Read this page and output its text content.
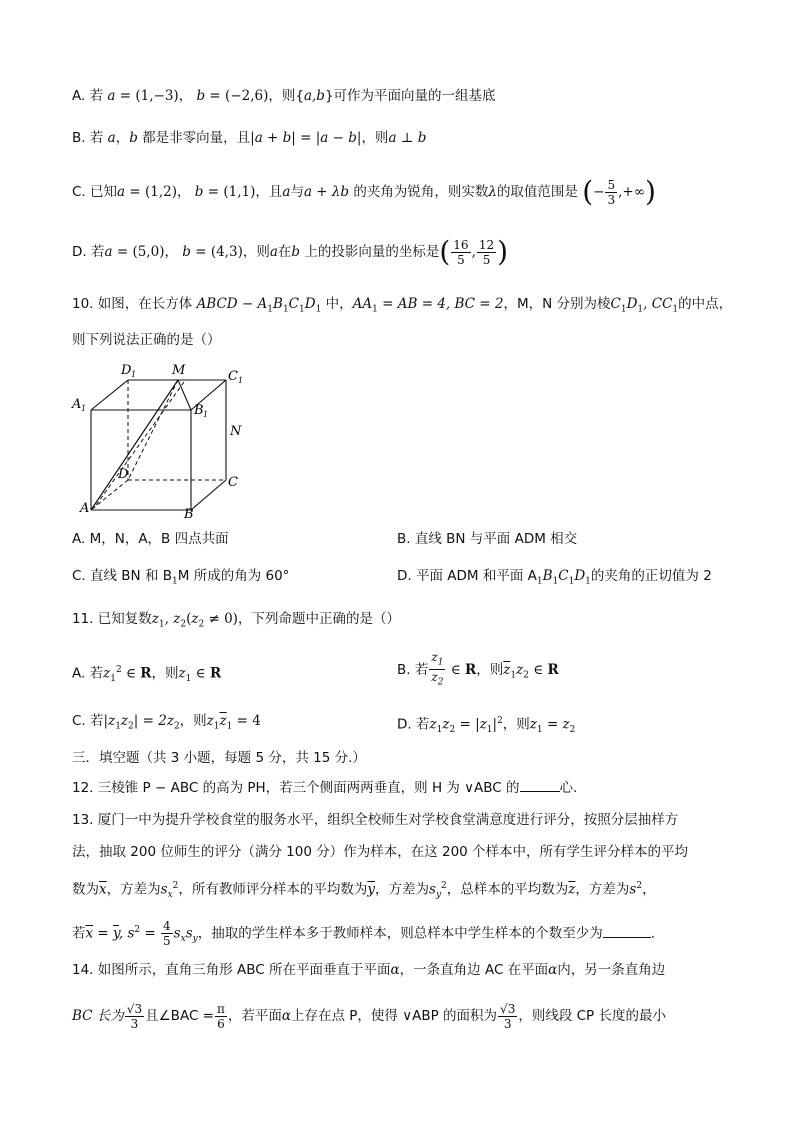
A. 若 a = (1,−3)， b = (−2,6)，则{a,b}可作为平面向量的一组基底
B. 若 a，b 都是非零向量，且|a + b| = |a − b|，则a ⊥ b
C. 已知a = (1,2)， b = (1,1)，且a与a + λb 的夹角为锐角，则实数λ的取值范围是 (− $\frac{5}{3}$ ,+∞)
D. 若a = (5,0)， b = (4,3)，则a在b 上的投影向量的坐标是( $\frac{16}{5}$ , $\frac{12}{5}$ )
10. 如图，在长方体 ABCD − $A_1B_1C_1D_1$ 中，$AA_1$ = AB = 4, BC = 2，M，N 分别为棱$C_1D_1$, $CC_1$的中点，
则下列说法正确的是（）
D 1	M	C 1
A 1	B 1
N
D
C
A	B
A. M，N，A，B 四点共面	B. 直线 BN 与平面 ADM 相交
C. 直线 BN 和 $B_1M$ 所成的角为 60°	D. 平面 ADM 和平面 $A_1B_1C_1D_1$的夹角的正切值为 2
11. 已知复数$z_1$, $z_2(z_2 \ne 0)$，下列命题中正确的是（）
A. 若$z_1^2$ ∈ R，则$z_1$ ∈ R	B. 若 $\frac{z_1}{z_2}$ ∈ R，则$\overline{z}_1z_2$ ∈ R
C. 若$|z_1z_2| = 2z_2$，则$z_1\overline{z}_1 = 4$	D. 若$z_1z_2 = |z_1|^2$，则$z_1 = z_2$
三．填空题（共 3 小题，每题 5 分，共 15 分.）
12. 三棱锥 P − ABC 的高为 PH，若三个侧面两两垂直，则 H 为 ∨ABC 的	心.
13. 厦门一中为提升学校食堂的服务水平，组织全校师生对学校食堂满意度进行评分，按照分层抽样方
法，抽取 200 位师生的评分（满分 100 分）作为样本，在这 200 个样本中，所有学生评分样本的平均
数为$\overline{x}$，方差为$s_x^2$，所有教师评分样本的平均数为$\overline{y}$，方差为$s_y^2$，总样本的平均数为$\overline{z}$，方差为$s^2$，
若$\overline{x} = \overline{y}$, $s^2 = \frac{4}{5} s_xs_y$，抽取的学生样本多于教师样本，则总样本中学生样本的个数至少为	.
14. 如图所示，直角三角形 ABC 所在平面垂直于平面α，一条直角边 AC 在平面α内，另一条直角边
BC 长为 $\frac{√3}{3}$ 且∠BAC = $\frac{\pi}{6}$ ，若平面α上存在点 P，使得 ∨ABP 的面积为 $\frac{√3}{3}$ ，则线段 CP 长度的最小
